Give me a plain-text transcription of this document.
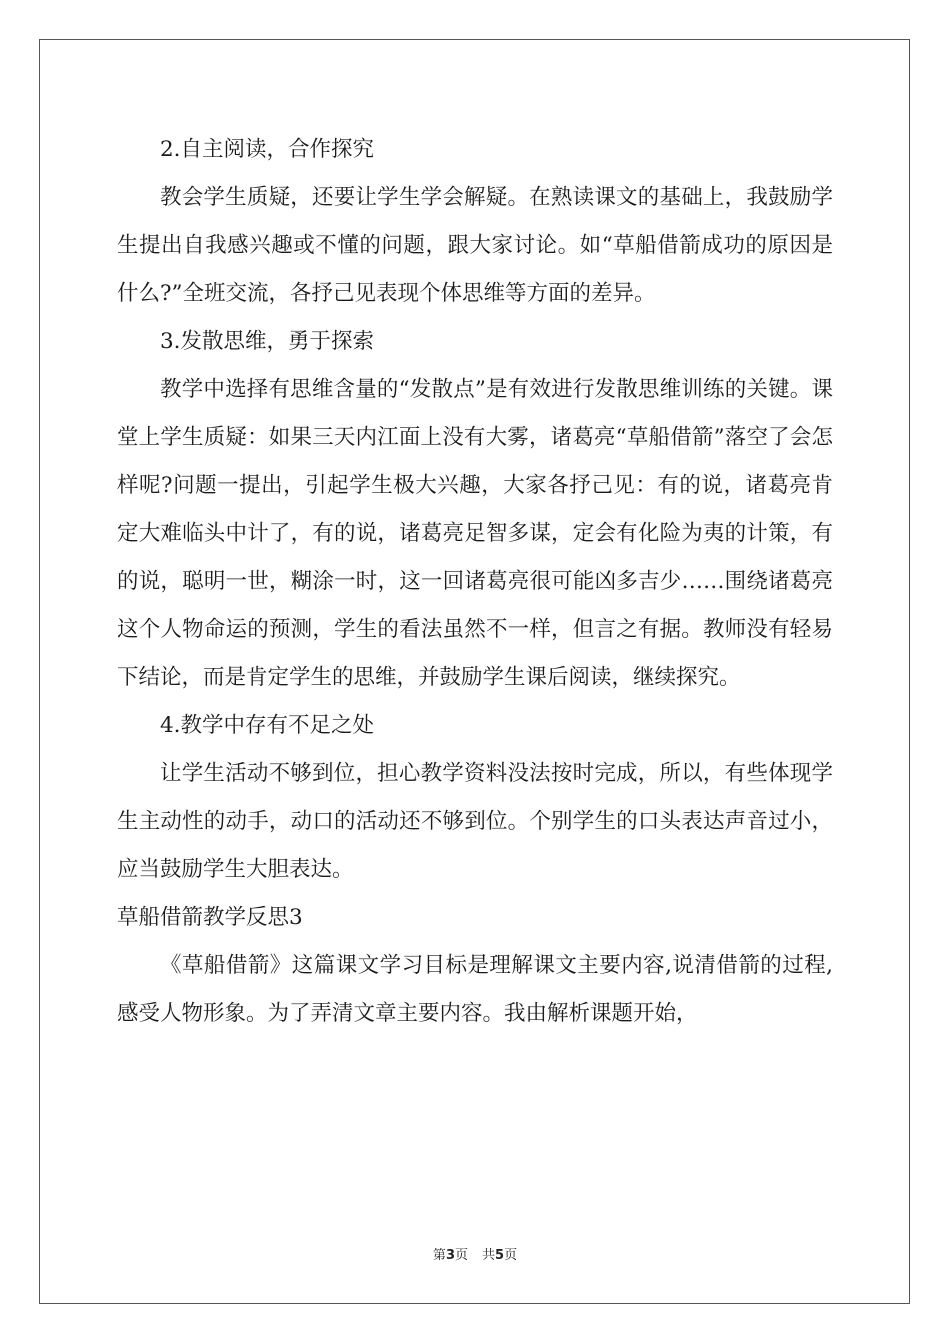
2.自主阅读，合作探究

教会学生质疑，还要让学生学会解疑。在熟读课文的基础上，我鼓励学生提出自我感兴趣或不懂的问题，跟大家讨论。如“草船借箭成功的原因是什么?”全班交流，各抒己见表现个体思维等方面的差异。

3.发散思维，勇于探索

教学中选择有思维含量的“发散点”是有效进行发散思维训练的关键。课堂上学生质疑：如果三天内江面上没有大雾，诸葛亮“草船借箭”落空了会怎样呢?问题一提出，引起学生极大兴趣，大家各抒己见：有的说，诸葛亮肯定大难临头中计了，有的说，诸葛亮足智多谋，定会有化险为夷的计策，有的说，聪明一世，糊涂一时，这一回诸葛亮很可能凶多吉少……围绕诸葛亮这个人物命运的预测，学生的看法虽然不一样，但言之有据。教师没有轻易下结论，而是肯定学生的思维，并鼓励学生课后阅读，继续探究。

4.教学中存有不足之处

让学生活动不够到位，担心教学资料没法按时完成，所以，有些体现学生主动性的动手，动口的活动还不够到位。个别学生的口头表达声音过小，应当鼓励学生大胆表达。

草船借箭教学反思3

《草船借箭》这篇课文学习目标是理解课文主要内容,说清借箭的过程,感受人物形象。为了弄清文章主要内容。我由解析课题开始，

第3页 共5页
